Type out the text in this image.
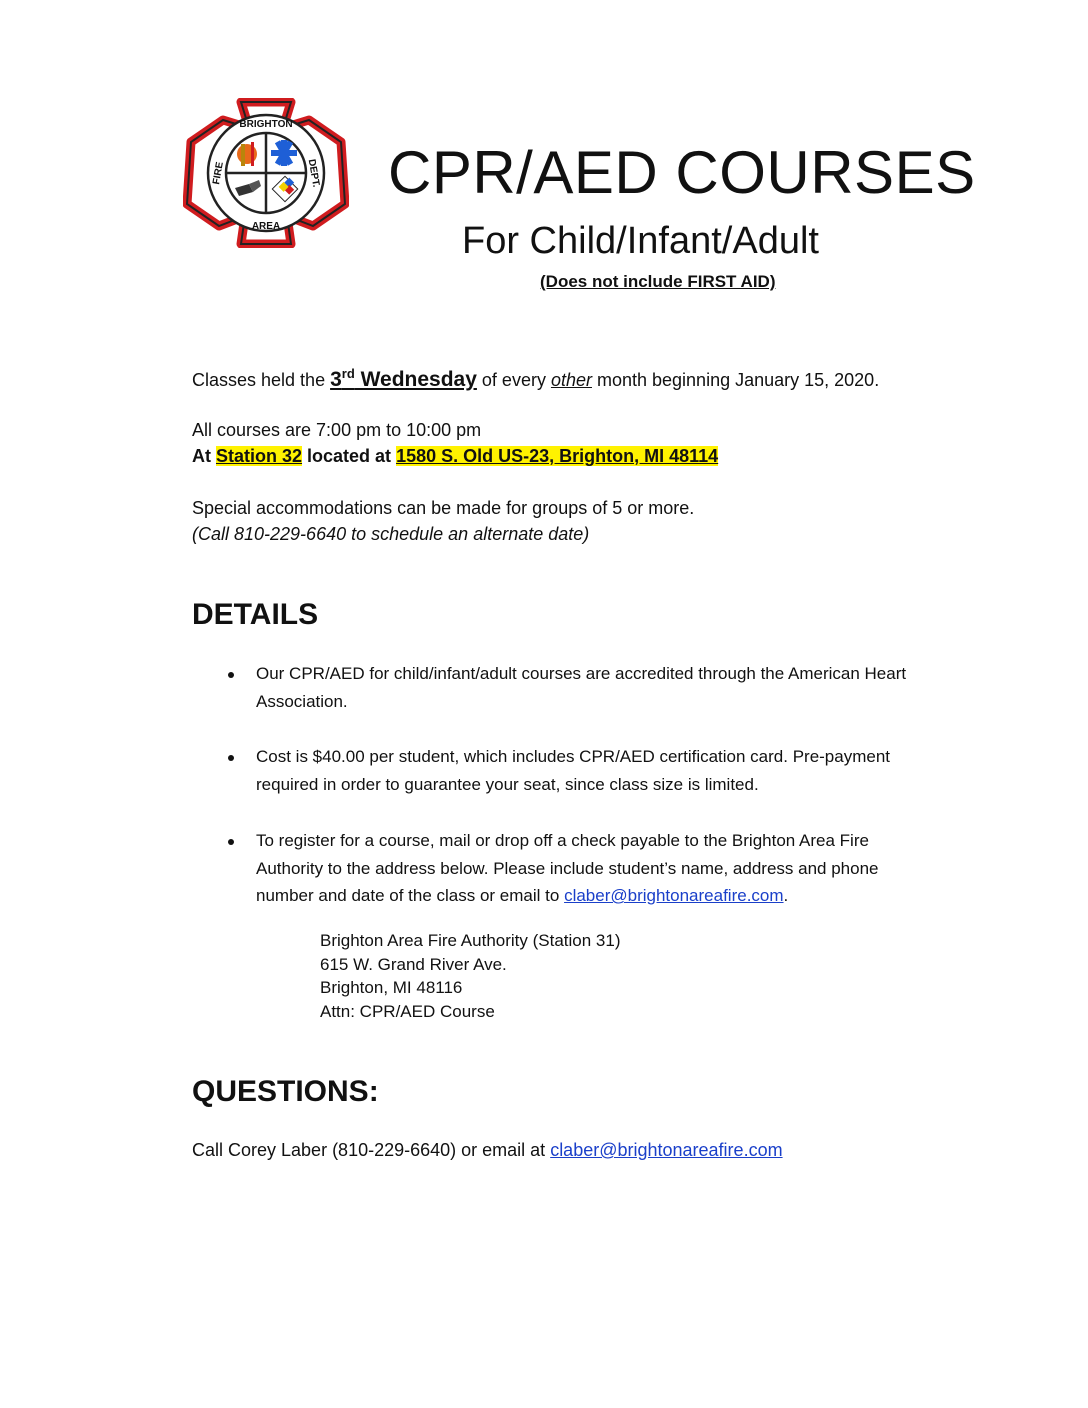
BRIGHTON
AREA
FIRE	DEPT. CPR/AED COURSES
For Child/Infant/Adult
(Does not include FIRST AID)
Classes held the 3rd Wednesday of every other month beginning January 15, 2020.
All courses are 7:00 pm to 10:00 pm
At Station 32 located at 1580 S. Old US-23, Brighton, MI 48114
Special accommodations can be made for groups of 5 or more.
(Call 810-229-6640 to schedule an alternate date)
DETAILS
Our CPR/AED for child/infant/adult courses are accredited through the American Heart Association.
Cost is $40.00 per student, which includes CPR/AED certification card. Pre-payment required in order to guarantee your seat, since class size is limited.
To register for a course, mail or drop off a check payable to the Brighton Area Fire Authority to the address below. Please include student’s name, address and phone number and date of the class or email to claber@brightonareafire.com.
Brighton Area Fire Authority (Station 31)
615 W. Grand River Ave.
Brighton, MI 48116
Attn: CPR/AED Course
QUESTIONS:
Call Corey Laber (810-229-6640) or email at claber@brightonareafire.com
